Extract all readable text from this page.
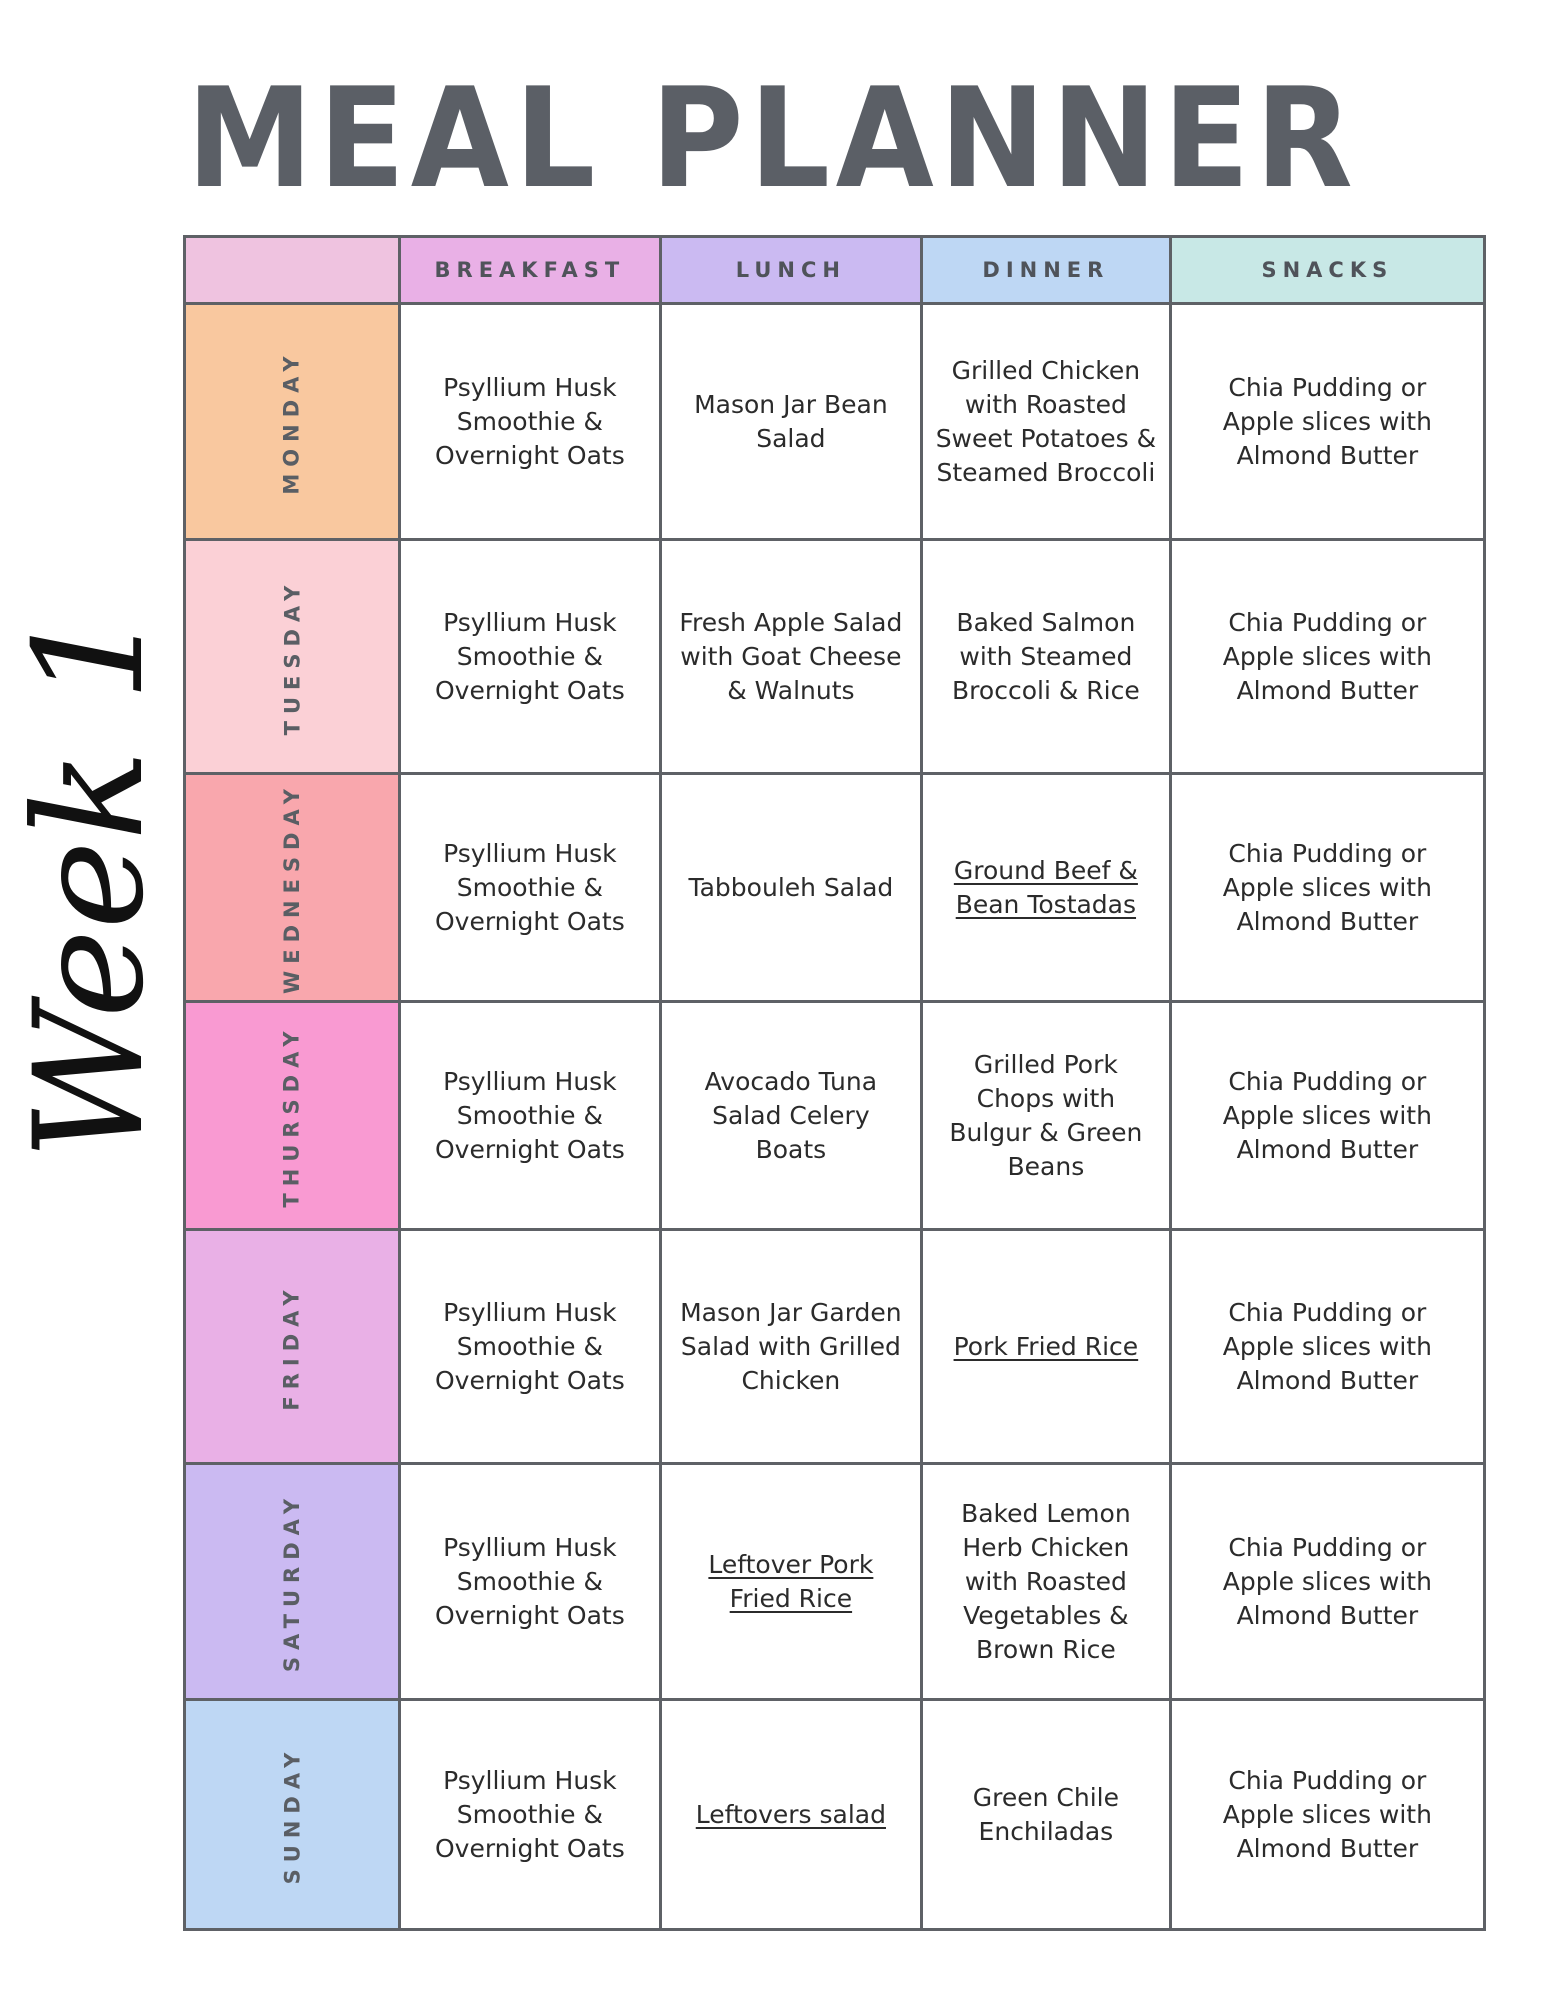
MEAL PLANNER
Week 1
	BREAKFAST	LUNCH	DINNER	SNACKS
MONDAY	Psyllium Husk Smoothie & Overnight Oats	Mason Jar Bean Salad	Grilled Chicken with Roasted Sweet Potatoes & Steamed Broccoli	Chia Pudding or Apple slices with Almond Butter
TUESDAY	Psyllium Husk Smoothie & Overnight Oats	Fresh Apple Salad with Goat Cheese & Walnuts	Baked Salmon with Steamed Broccoli & Rice	Chia Pudding or Apple slices with Almond Butter
WEDNESDAY	Psyllium Husk Smoothie & Overnight Oats	Tabbouleh Salad	Ground Beef & Bean Tostadas	Chia Pudding or Apple slices with Almond Butter
THURSDAY	Psyllium Husk Smoothie & Overnight Oats	Avocado Tuna Salad Celery Boats	Grilled Pork Chops with Bulgur & Green Beans	Chia Pudding or Apple slices with Almond Butter
FRIDAY	Psyllium Husk Smoothie & Overnight Oats	Mason Jar Garden Salad with Grilled Chicken	Pork Fried Rice	Chia Pudding or Apple slices with Almond Butter
SATURDAY	Psyllium Husk Smoothie & Overnight Oats	Leftover Pork Fried Rice	Baked Lemon Herb Chicken with Roasted Vegetables & Brown Rice	Chia Pudding or Apple slices with Almond Butter
SUNDAY	Psyllium Husk Smoothie & Overnight Oats	Leftovers salad	Green Chile Enchiladas	Chia Pudding or Apple slices with Almond Butter
